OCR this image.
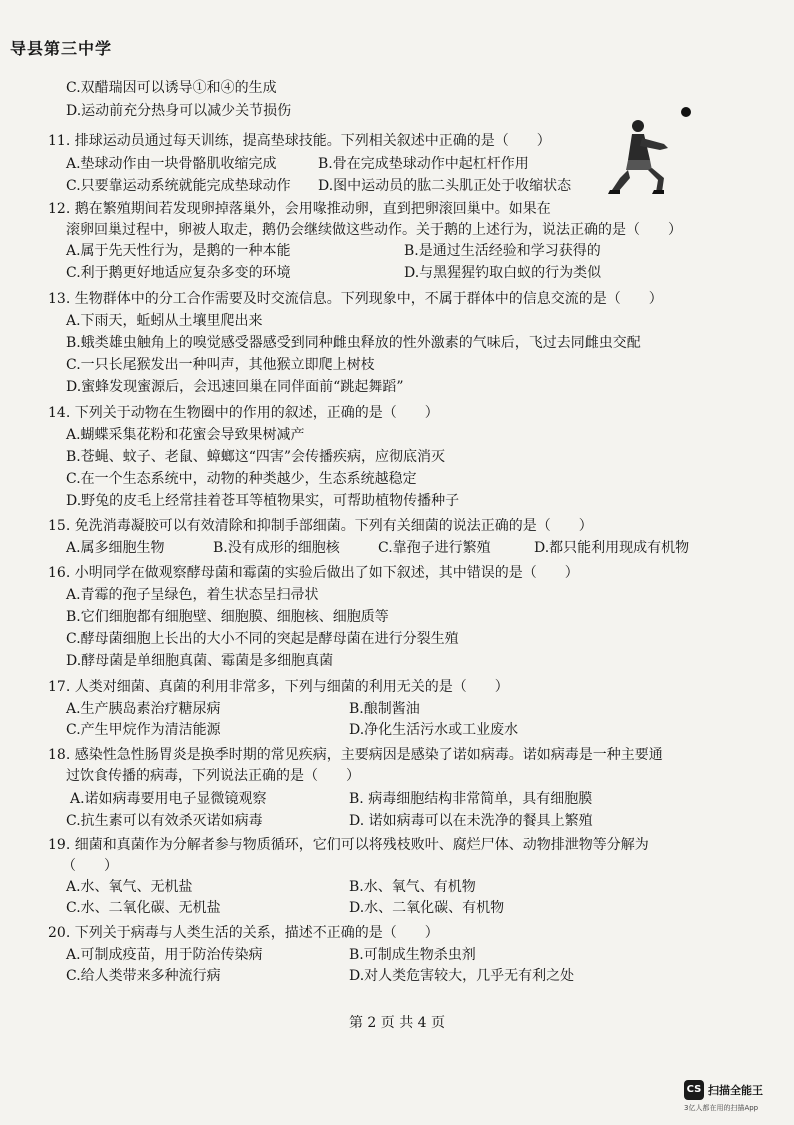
导县第三中学
C.双醋瑞因可以诱导①和④的生成
D.运动前充分热身可以减少关节损伤
11. 排球运动员通过每天训练，提高垫球技能。下列相关叙述中正确的是（　　）
A.垫球动作由一块骨骼肌收缩完成	B.骨在完成垫球动作中起杠杆作用
C.只要靠运动系统就能完成垫球动作 D.图中运动员的肱二头肌正处于收缩状态
12. 鹅在繁殖期间若发现卵掉落巢外，会用喙推动卵，直到把卵滚回巢中。如果在
滚卵回巢过程中，卵被人取走，鹅仍会继续做这些动作。关于鹅的上述行为，说法正确的是（　　）
A.属于先天性行为，是鹅的一种本能	B.是通过生活经验和学习获得的
C.利于鹅更好地适应复杂多变的环境	D.与黑猩猩钓取白蚁的行为类似
13. 生物群体中的分工合作需要及时交流信息。下列现象中，不属于群体中的信息交流的是（　　）
A.下雨天，蚯蚓从土壤里爬出来
B.蛾类雄虫触角上的嗅觉感受器感受到同种雌虫释放的性外激素的气味后，飞过去同雌虫交配
C.一只长尾猴发出一种叫声，其他猴立即爬上树枝
D.蜜蜂发现蜜源后，会迅速回巢在同伴面前“跳起舞蹈”
14. 下列关于动物在生物圈中的作用的叙述，正确的是（　　）
A.蝴蝶采集花粉和花蜜会导致果树减产
B.苍蝇、蚊子、老鼠、蟑螂这“四害”会传播疾病，应彻底消灭
C.在一个生态系统中，动物的种类越少，生态系统越稳定
D.野兔的皮毛上经常挂着苍耳等植物果实，可帮助植物传播种子
15. 免洗消毒凝胶可以有效清除和抑制手部细菌。下列有关细菌的说法正确的是（　　）
A.属多细胞生物	B.没有成形的细胞核	C.靠孢子进行繁殖	D.都只能利用现成有机物
16. 小明同学在做观察酵母菌和霉菌的实验后做出了如下叙述，其中错误的是（　　）
A.青霉的孢子呈绿色，着生状态呈扫帚状
B.它们细胞都有细胞壁、细胞膜、细胞核、细胞质等
C.酵母菌细胞上长出的大小不同的突起是酵母菌在进行分裂生殖
D.酵母菌是单细胞真菌、霉菌是多细胞真菌
17. 人类对细菌、真菌的利用非常多，下列与细菌的利用无关的是（　　）
A.生产胰岛素治疗糖尿病	B.酿制酱油
C.产生甲烷作为清洁能源	D.净化生活污水或工业废水
18. 感染性急性肠胃炎是换季时期的常见疾病，主要病因是感染了诺如病毒。诺如病毒是一种主要通
过饮食传播的病毒，下列说法正确的是（　　）
A.诺如病毒要用电子显微镜观察	B. 病毒细胞结构非常简单，具有细胞膜
C.抗生素可以有效杀灭诺如病毒	D. 诺如病毒可以在未洗净的餐具上繁殖
19. 细菌和真菌作为分解者参与物质循环，它们可以将残枝败叶、腐烂尸体、动物排泄物等分解为
（　　）
A.水、氧气、无机盐	B.水、氧气、有机物
C.水、二氧化碳、无机盐	D.水、二氧化碳、有机物
20. 下列关于病毒与人类生活的关系，描述不正确的是（　　）
A.可制成疫苗，用于防治传染病	B.可制成生物杀虫剂
C.给人类带来多种流行病	D.对人类危害较大，几乎无有利之处
第 2 页 共 4 页
CS 扫描全能王
3亿人都在用的扫描App
